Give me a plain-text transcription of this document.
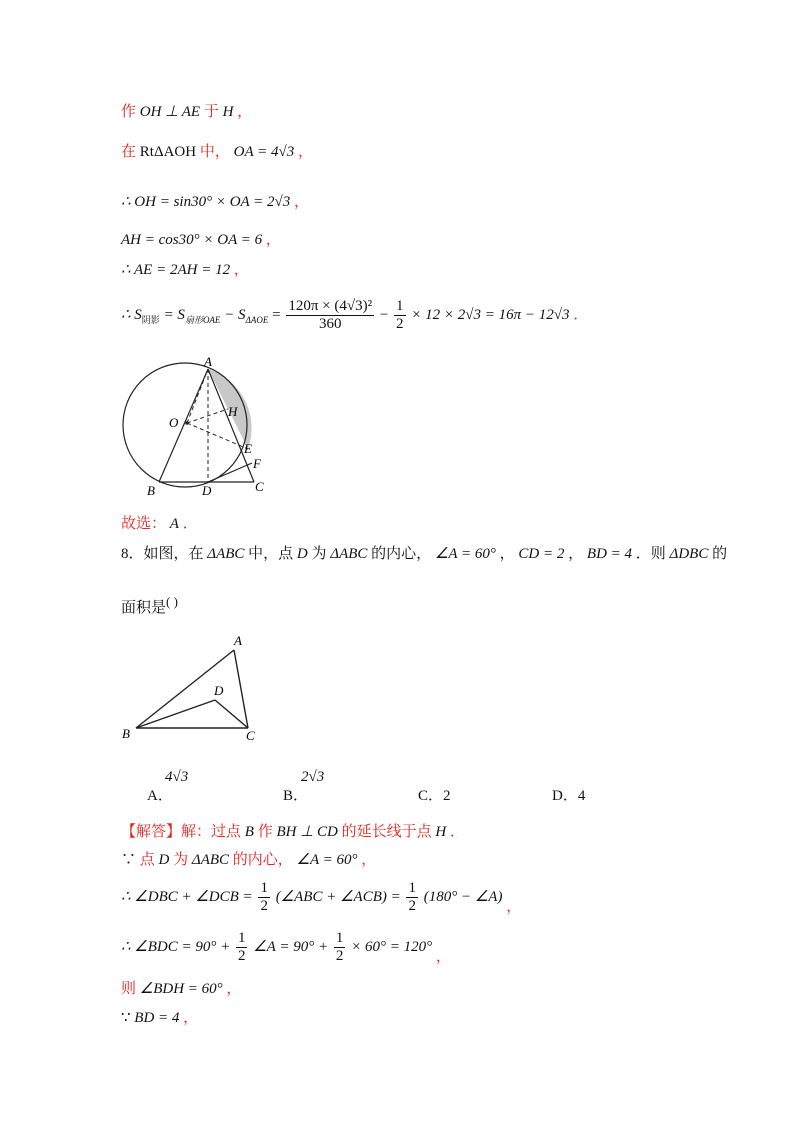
作 OH ⊥ AE 于 H ，
在 RtΔAOH 中， OA = 4√3 ，
∴ OH = sin30° × OA = 2√3 ，
AH = cos30° × OA = 6 ，
∴ AE = 2AH = 12 ，
∴ $S_{阴影} = S_{扇形OAE} - S_{\Delta AOE} = \frac{\text{120π × (4√3)²}}{360} - \frac{1}{2} \times 12 \times 2√3 = 16\pi - 12√3$ ．
A
O
H
E
F
B	D	C
故选： A ．
8．如图，在 ΔABC 中，点 D 为 ΔABC 的内心， ∠A = 60° ， CD = 2 ， BD = 4 ．则 ΔDBC 的
面积是( )
A
D
B	C
4√3
A．
2√3
B．	C．2	D．4
【解答】解：过点 B 作 BH ⊥ CD 的延长线于点 H ．
∵ 点 D 为 ΔABC 的内心， ∠A = 60° ，
∴ ∠DBC + ∠DCB = $\frac{1}{2}$ (∠ABC + ∠ACB) = $\frac{1}{2} (180^\circ$ − ∠A) ，
∴ ∠BDC = $90^\circ + \frac{1}{2}$ ∠A = $90^\circ + \frac{1}{2} \times 60^\circ = 120^\circ$ ，
则 ∠BDH = 60° ，
∵ BD = 4 ，
